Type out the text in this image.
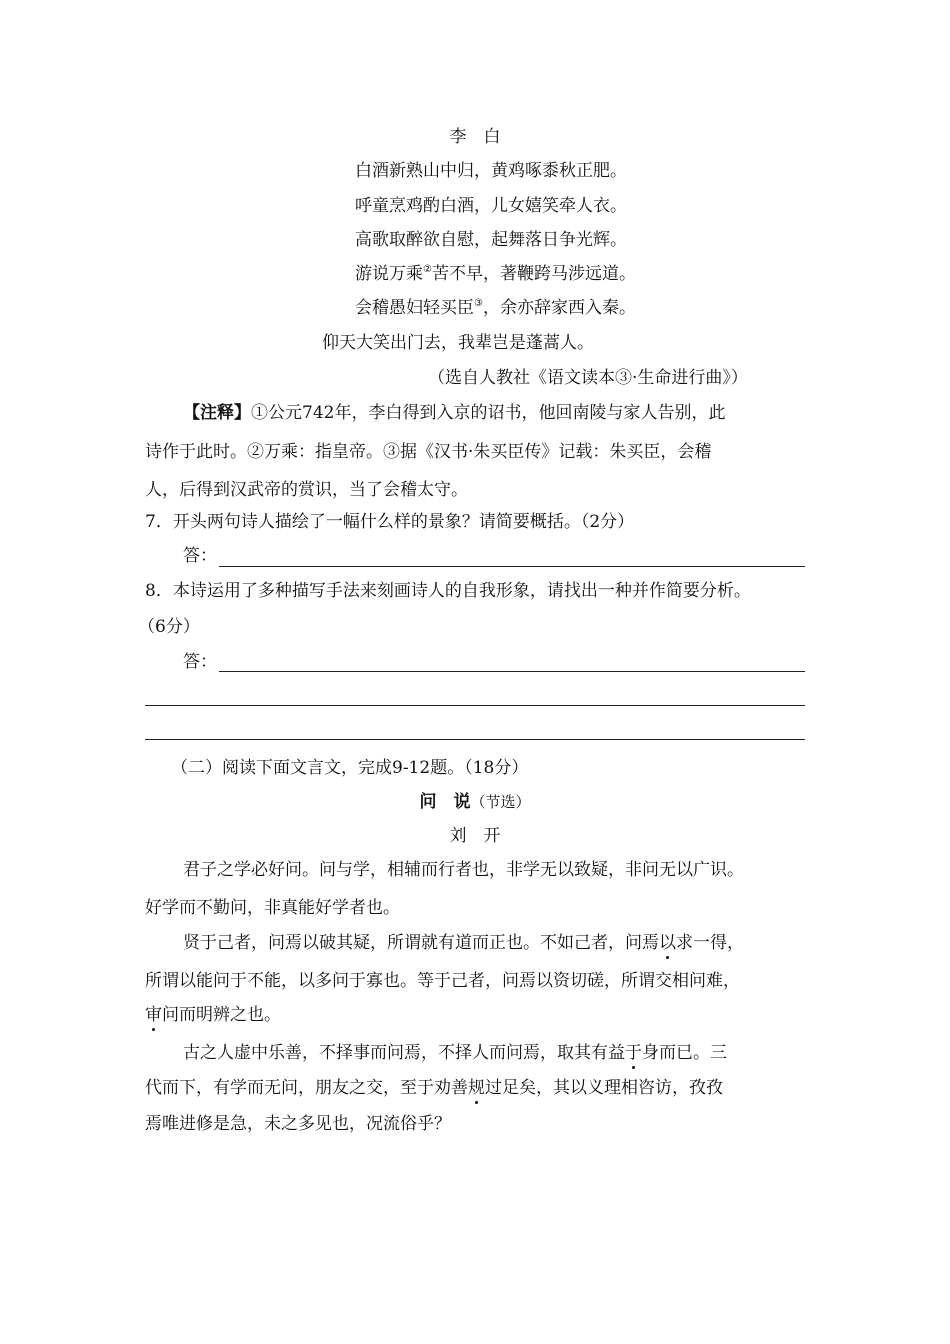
李　白
白酒新熟山中归，黄鸡啄黍秋正肥。
呼童烹鸡酌白酒，儿女嬉笑牵人衣。
高歌取醉欲自慰，起舞落日争光辉。
游说万乘②苦不早，著鞭跨马涉远道。
会稽愚妇轻买臣③，余亦辞家西入秦。
仰天大笑出门去，我辈岂是蓬蒿人。
（选自人教社《语文读本③·生命进行曲》）
【注释】①公元742年，李白得到入京的诏书，他回南陵与家人告别，此
诗作于此时。②万乘：指皇帝。③据《汉书·朱买臣传》记载：朱买臣，会稽
人，后得到汉武帝的赏识，当了会稽太守。
7．开头两句诗人描绘了一幅什么样的景象？请简要概括。（2分）
答：
8．本诗运用了多种描写手法来刻画诗人的自我形象，请找出一种并作简要分析。
（6分）
答：
（二）阅读下面文言文，完成9-12题。（18分）
问　说（节选）
刘　开
君子之学必好问。问与学，相辅而行者也，非学无以致疑，非问无以广识。
好学而不勤问，非真能好学者也。
贤于己者，问焉以破其疑，所谓就有道而正也。不如己者，问焉以求一得，
所谓以能问于不能，以多问于寡也。等于己者，问焉以资切磋，所谓交相问难，
审问而明辨之也。
古之人虚中乐善，不择事而问焉，不择人而问焉，取其有益于身而已。三
代而下，有学而无问，朋友之交，至于劝善规过足矣，其以义理相咨访，孜孜
焉唯进修是急，未之多见也，况流俗乎？
